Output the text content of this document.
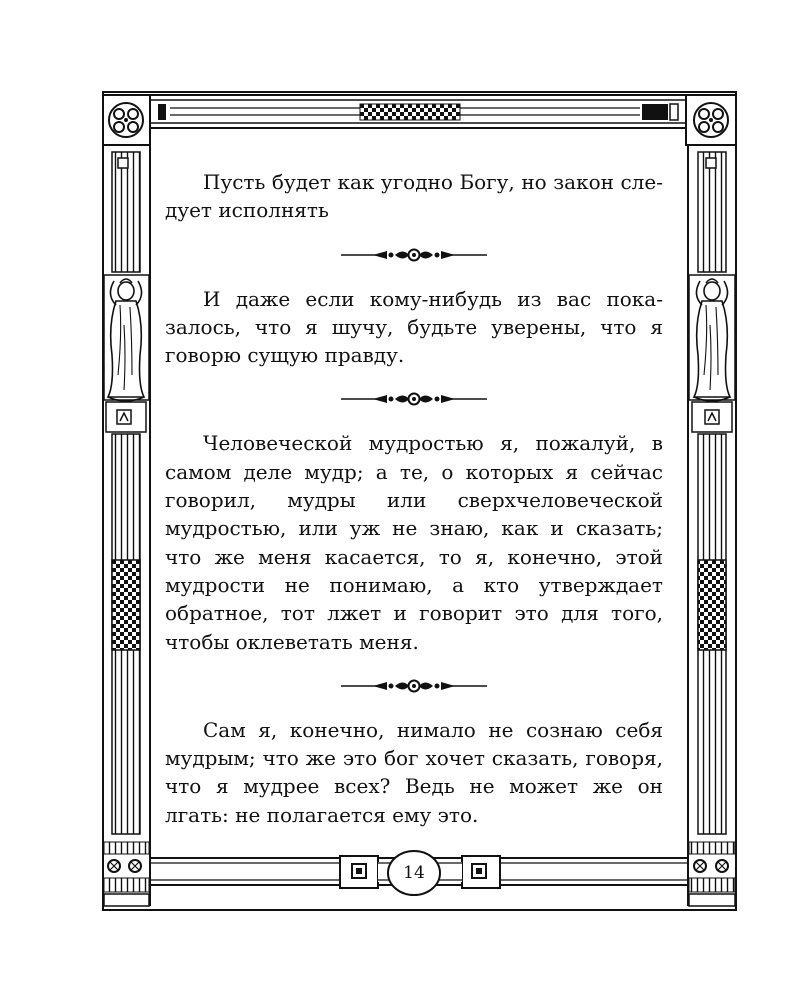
14

Пусть будет как угодно Богу, но закон следует исполнять

И даже если кому-нибудь из вас показалось, что я шучу, будьте уверены, что я говорю сущую правду.

Человеческой мудростью я, пожалуй, в самом деле мудр; а те, о которых я сейчас говорил, мудры или сверхчеловеческой мудростью, или уж не знаю, как и сказать; что же меня касается, то я, конечно, этой мудрости не понимаю, а кто утверждает обратное, тот лжет и говорит это для того, чтобы оклеветать меня.

Сам я, конечно, нимало не сознаю себя мудрым; что же это бог хочет сказать, говоря, что я мудрее всех? Ведь не может же он лгать: не полагается ему это.
